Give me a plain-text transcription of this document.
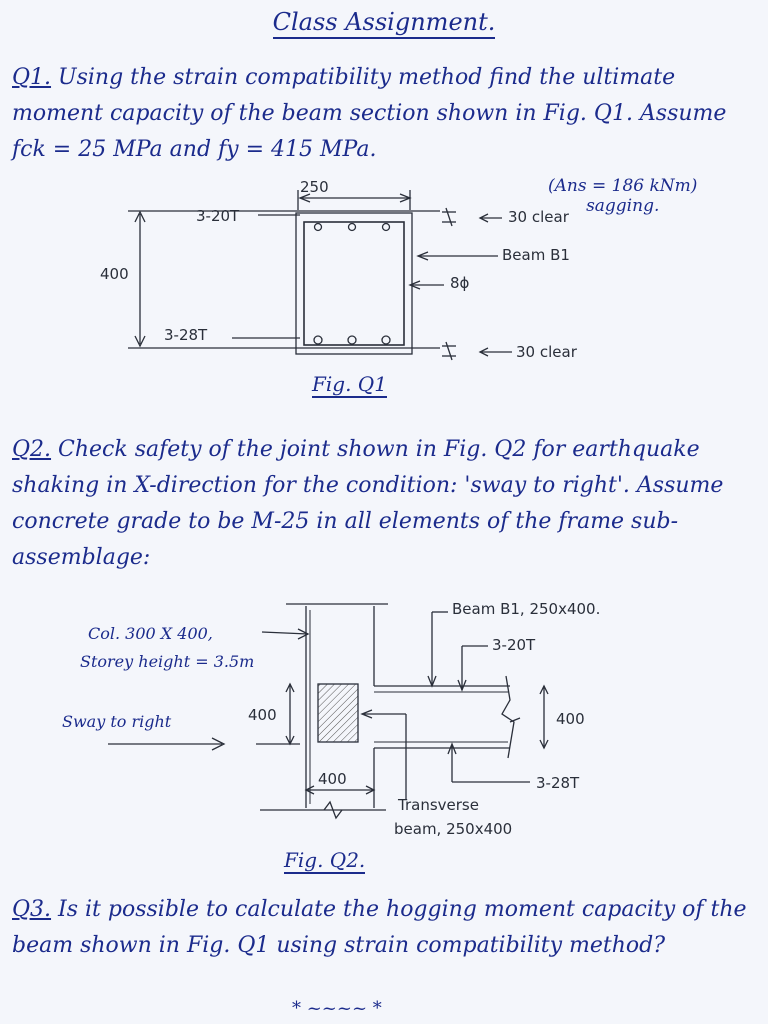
Class Assignment.
Q1. Using the strain compatibility method find the ultimate moment capacity of the beam section shown in Fig. Q1. Assume fck = 25 MPa and fy = 415 MPa.
(Ans = 186 kNm)
sagging.
250
3-20T
3-28T
400
30 clear
Beam B1
8ϕ
30 clear
Fig. Q1
Q2. Check safety of the joint shown in Fig. Q2 for earthquake shaking in X-direction for the condition: 'sway to right'. Assume concrete grade to be M-25 in all elements of the frame sub-assemblage:
Beam B1, 250x400.
3-20T
Col. 300 X 400,
Storey height = 3.5m
Sway to right	400	400
400	3-28T
Transverse
beam, 250x400
Fig. Q2.
Q3. Is it possible to calculate the hogging moment capacity of the beam shown in Fig. Q1 using strain compatibility method?
* ~~~~ *
